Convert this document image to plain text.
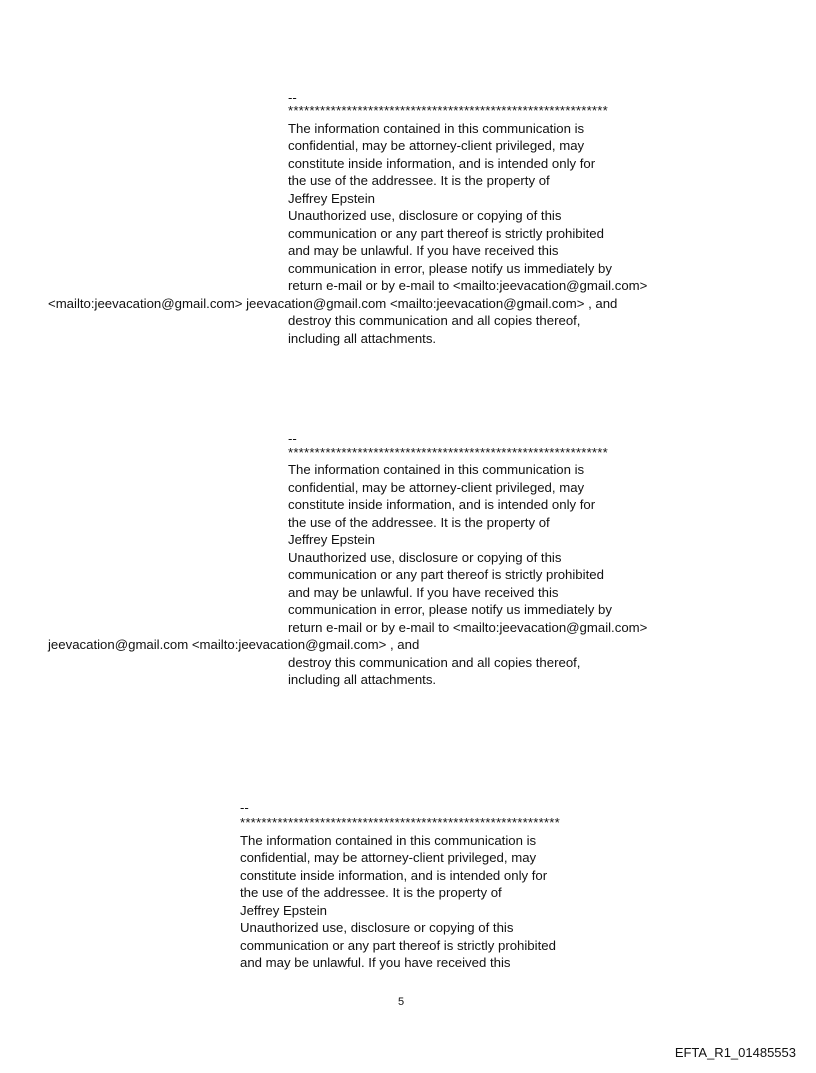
--
************************************************************
The information contained in this communication is
confidential, may be attorney-client privileged, may
constitute inside information, and is intended only for
the use of the addressee. It is the property of
Jeffrey Epstein
Unauthorized use, disclosure or copying of this
communication or any part thereof is strictly prohibited
and may be unlawful. If you have received this
communication in error, please notify us immediately by
return e-mail or by e-mail to <mailto:jeevacation@gmail.com>
<mailto:jeevacation@gmail.com> jeevacation@gmail.com <mailto:jeevacation@gmail.com> , and
destroy this communication and all copies thereof,
including all attachments.
--
************************************************************
The information contained in this communication is
confidential, may be attorney-client privileged, may
constitute inside information, and is intended only for
the use of the addressee. It is the property of
Jeffrey Epstein
Unauthorized use, disclosure or copying of this
communication or any part thereof is strictly prohibited
and may be unlawful. If you have received this
communication in error, please notify us immediately by
return e-mail or by e-mail to <mailto:jeevacation@gmail.com>
jeevacation@gmail.com <mailto:jeevacation@gmail.com> , and
destroy this communication and all copies thereof,
including all attachments.
--
************************************************************
The information contained in this communication is
confidential, may be attorney-client privileged, may
constitute inside information, and is intended only for
the use of the addressee. It is the property of
Jeffrey Epstein
Unauthorized use, disclosure or copying of this
communication or any part thereof is strictly prohibited
and may be unlawful. If you have received this
5
EFTA_R1_01485553
